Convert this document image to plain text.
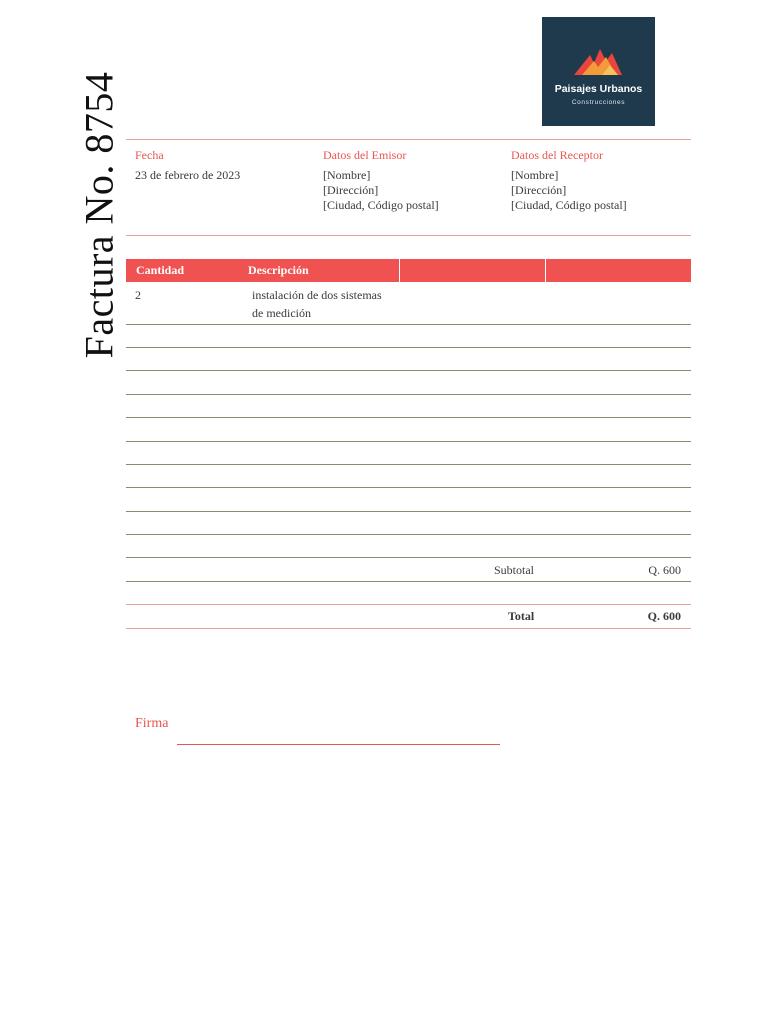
Factura No. 8754	Paisajes Urbanos
Construcciones
Fecha
23 de febrero de 2023
Datos del Emisor
[Nombre]
[Dirección]
[Ciudad, Código postal]
Datos del Receptor
[Nombre]
[Dirección]
[Ciudad, Código postal]
Cantidad	Descripción
2	instalación de dos sistemas
de medición
Subtotal	Q. 600
Total	Q. 600
Firma
